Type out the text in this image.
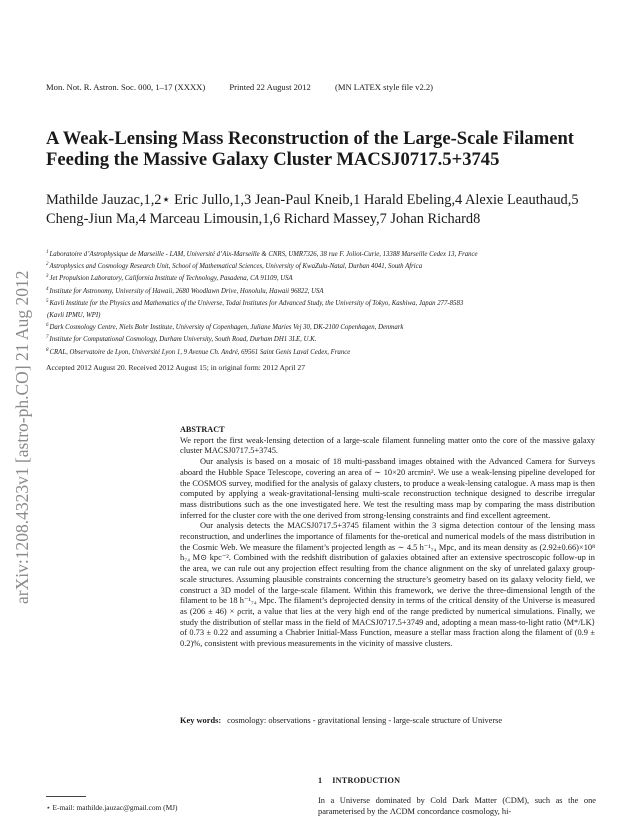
arXiv:1208.4323v1 [astro-ph.CO] 21 Aug 2012
Mon. Not. R. Astron. Soc. 000, 1–17 (XXXX)	Printed 22 August 2012	(MN LATEX style file v2.2)
A Weak-Lensing Mass Reconstruction of the Large-Scale Filament
Feeding the Massive Galaxy Cluster MACSJ0717.5+3745
Mathilde Jauzac,1,2⋆ Eric Jullo,1,3 Jean-Paul Kneib,1 Harald Ebeling,4 Alexie Leauthaud,5
Cheng-Jiun Ma,4 Marceau Limousin,1,6 Richard Massey,7 Johan Richard8
$^1$Laboratoire d’Astrophysique de Marseille - LAM, Université d’Aix-Marseille & CNRS, UMR7326, 38 rue F. Joliot-Curie, 13388 Marseille Cedex 13, France
$^2$Astrophysics and Cosmology Research Unit, School of Mathematical Sciences, University of KwaZulu-Natal, Durban 4041, South Africa
$^3$Jet Propulsion Laboratory, California Institute of Technology, Pasadena, CA 91109, USA
$^4$Institute for Astronomy, University of Hawaii, 2680 Woodlawn Drive, Honolulu, Hawaii 96822, USA
$^5$Kavli Institute for the Physics and Mathematics of the Universe, Todai Institutes for Advanced Study, the University of Tokyo, Kashiwa, Japan 277-8583
(Kavli IPMU, WPI)
$^6$Dark Cosmology Centre, Niels Bohr Institute, University of Copenhagen, Juliane Maries Vej 30, DK-2100 Copenhagen, Denmark
$^7$Institute for Computational Cosmology, Durham University, South Road, Durham DH1 3LE, U.K.
$^8$CRAL, Observatoire de Lyon, Université Lyon 1, 9 Avenue Ch. André, 69561 Saint Genis Laval Cedex, France
Accepted 2012 August 20. Received 2012 August 15; in original form: 2012 April 27
ABSTRACT
We report the first weak-lensing detection of a large-scale filament funneling matter onto the core of the massive galaxy cluster MACSJ0717.5+3745.
Our analysis is based on a mosaic of 18 multi-passband images obtained with the Advanced Camera for Surveys aboard the Hubble Space Telescope, covering an area of ∼ 10×20 arcmin². We use a weak-lensing pipeline developed for the COSMOS survey, modified for the analysis of galaxy clusters, to produce a weak-lensing catalogue. A mass map is then computed by applying a weak-gravitational-lensing multi-scale reconstruction technique designed to describe irregular mass distributions such as the one investigated here. We test the resulting mass map by comparing the mass distribution inferred for the cluster core with the one derived from strong-lensing constraints and find excellent agreement.
Our analysis detects the MACSJ0717.5+3745 filament within the 3 sigma detection contour of the lensing mass reconstruction, and underlines the importance of filaments for the-oretical and numerical models of the mass distribution in the Cosmic Web. We measure the filament’s projected length as ∼ 4.5 h⁻¹₇₄ Mpc, and its mean density as (2.92±0.66)×10⁸ h₇₄ M⊙ kpc⁻². Combined with the redshift distribution of galaxies obtained after an extensive spectroscopic follow-up in the area, we can rule out any projection effect resulting from the chance alignment on the sky of unrelated galaxy group-scale structures. Assuming plausible constraints concerning the structure’s geometry based on its galaxy velocity field, we construct a 3D model of the large-scale filament. Within this framework, we derive the three-dimensional length of the filament to be 18 h⁻¹₇₄ Mpc. The filament’s deprojected density in terms of the critical density of the Universe is measured as (206 ± 46) × ρcrit, a value that lies at the very high end of the range predicted by numerical simulations. Finally, we study the distribution of stellar mass in the field of MACSJ0717.5+3749 and, adopting a mean mass-to-light ratio ⟨M*/LK⟩ of 0.73 ± 0.22 and assuming a Chabrier Initial-Mass Function, measure a stellar mass fraction along the filament of (0.9 ± 0.2)%, consistent with previous measurements in the vicinity of massive clusters.
Key words: cosmology: observations - gravitational lensing - large-scale structure of Universe
1 INTRODUCTION
In a Universe dominated by Cold Dark Matter (CDM), such as the one parameterised by the ΛCDM concordance cosmology, hi-
⋆ E-mail: mathilde.jauzac@gmail.com (MJ)
